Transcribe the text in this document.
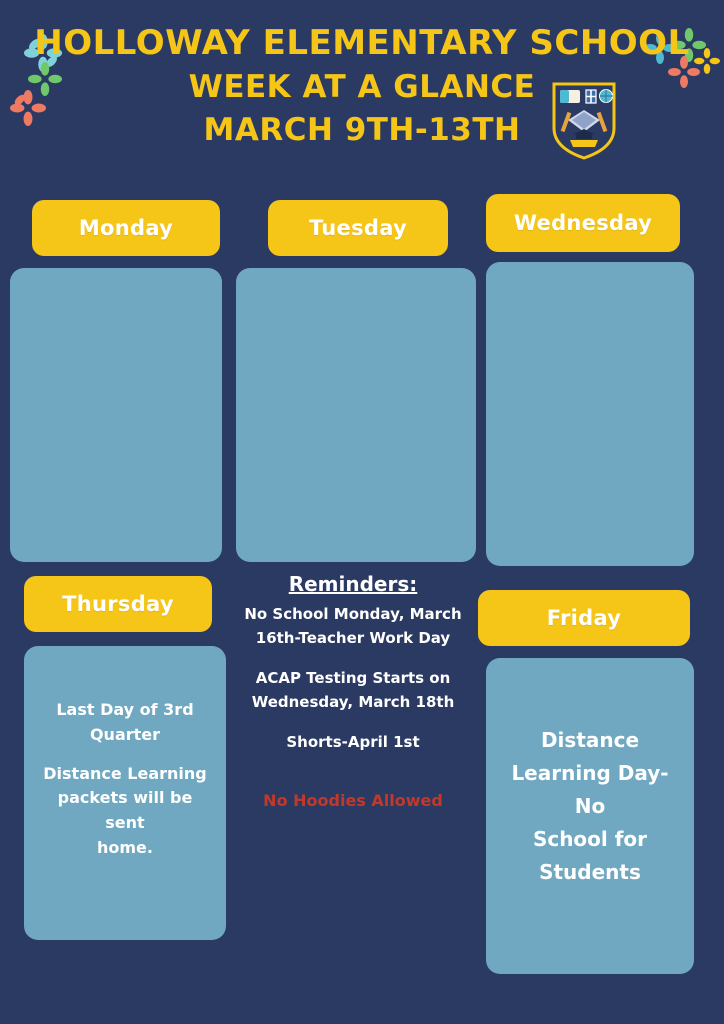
HOLLOWAY ELEMENTARY SCHOOL
WEEK AT A GLANCE
MARCH 9TH-13TH
Monday	Tuesday	Wednesday
Thursday
Last Day of 3rd
Quarter
Distance Learning
packets will be sent
home.
Friday
Distance
Learning Day-No
School for
Students
Reminders:

No School Monday, March 16th-Teacher Work Day

ACAP Testing Starts on Wednesday, March 18th

Shorts-April 1st

No Hoodies Allowed
